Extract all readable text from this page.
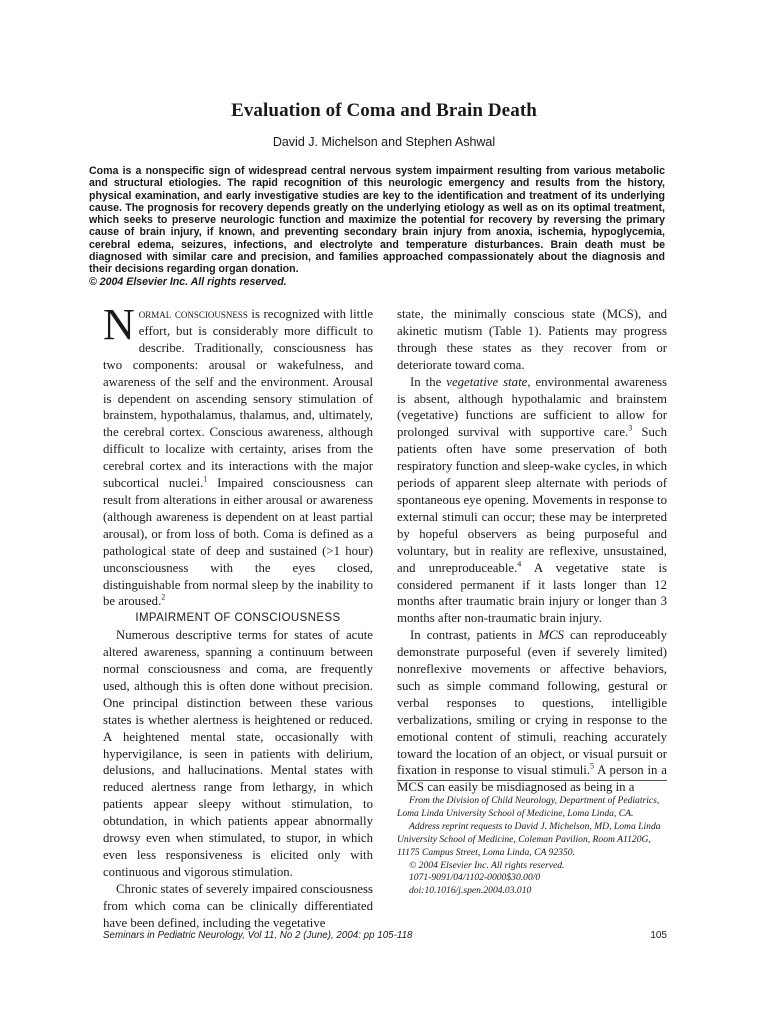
Evaluation of Coma and Brain Death
David J. Michelson and Stephen Ashwal
Coma is a nonspecific sign of widespread central nervous system impairment resulting from various metabolic and structural etiologies. The rapid recognition of this neurologic emergency and results from the history, physical examination, and early investigative studies are key to the identification and treatment of its underlying cause. The prognosis for recovery depends greatly on the underlying etiology as well as on its optimal treatment, which seeks to preserve neurologic function and maximize the potential for recovery by reversing the primary cause of brain injury, if known, and preventing secondary brain injury from anoxia, ischemia, hypoglycemia, cerebral edema, seizures, infections, and electrolyte and temperature disturbances. Brain death must be diagnosed with similar care and precision, and families approached compassionately about the diagnosis and their decisions regarding organ donation.
© 2004 Elsevier Inc. All rights reserved.

Normal consciousness is recognized with little effort, but is considerably more difficult to describe. Traditionally, consciousness has two components: arousal or wakefulness, and awareness of the self and the environment. Arousal is dependent on ascending sensory stimulation of brainstem, hypothalamus, thalamus, and, ultimately, the cerebral cortex. Conscious awareness, although difficult to localize with certainty, arises from the cerebral cortex and its interactions with the major subcortical nuclei.$^1$ Impaired consciousness can result from alterations in either arousal or awareness (although awareness is dependent on at least partial arousal), or from loss of both. Coma is defined as a pathological state of deep and sustained (>1 hour) unconsciousness with the eyes closed, distinguishable from normal sleep by the inability to be aroused.$^2$

IMPAIRMENT OF CONSCIOUSNESS

Numerous descriptive terms for states of acute altered awareness, spanning a continuum between normal consciousness and coma, are frequently used, although this is often done without precision. One principal distinction between these various states is whether alertness is heightened or reduced. A heightened mental state, occasionally with hypervigilance, is seen in patients with delirium, delusions, and hallucinations. Mental states with reduced alertness range from lethargy, in which patients appear sleepy without stimulation, to obtundation, in which patients appear abnormally drowsy even when stimulated, to stupor, in which even less responsiveness is elicited only with continuous and vigorous stimulation.

Chronic states of severely impaired consciousness from which coma can be clinically differentiated have been defined, including the vegetative

state, the minimally conscious state (MCS), and akinetic mutism (Table 1). Patients may progress through these states as they recover from or deteriorate toward coma.

In the vegetative state, environmental awareness is absent, although hypothalamic and brainstem (vegetative) functions are sufficient to allow for prolonged survival with supportive care.$^3$ Such patients often have some preservation of both respiratory function and sleep-wake cycles, in which periods of apparent sleep alternate with periods of spontaneous eye opening. Movements in response to external stimuli can occur; these may be interpreted by hopeful observers as being purposeful and voluntary, but in reality are reflexive, unsustained, and unreproduceable.$^4$ A vegetative state is considered permanent if it lasts longer than 12 months after traumatic brain injury or longer than 3 months after non-traumatic brain injury.

In contrast, patients in MCS can reproduceably demonstrate purposeful (even if severely limited) nonreflexive movements or affective behaviors, such as simple command following, gestural or verbal responses to questions, intelligible verbalizations, smiling or crying in response to the emotional content of stimuli, reaching accurately toward the location of an object, or visual pursuit or fixation in response to visual stimuli.$^5$ A person in a MCS can easily be misdiagnosed as being in a

From the Division of Child Neurology, Department of Pediatrics, Loma Linda University School of Medicine, Loma Linda, CA.

Address reprint requests to David J. Michelson, MD, Loma Linda University School of Medicine, Coleman Pavilion, Room A1120G, 11175 Campus Street, Loma Linda, CA 92350.

© 2004 Elsevier Inc. All rights reserved.

1071-9091/04/1102-0000$30.00/0

doi:10.1016/j.spen.2004.03.010

Seminars in Pediatric Neurology, Vol 11, No 2 (June), 2004: pp 105-118	105
